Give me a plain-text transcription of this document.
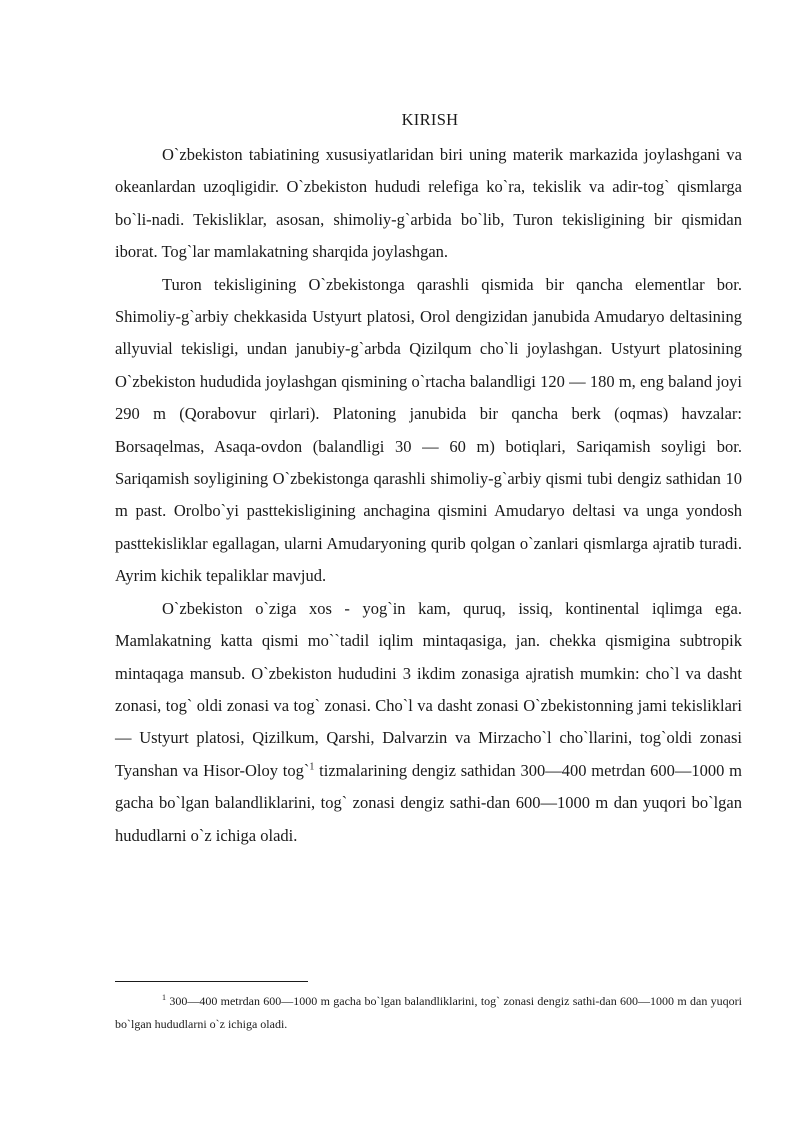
KIRISH

O`zbekiston tabiatining xususiyatlaridan biri uning materik markazida joylashgani va okeanlardan uzoqligidir. O`zbekiston hududi relefiga ko`ra, tekislik va adir-tog` qismlarga bo`li-nadi. Tekisliklar, asosan, shimoliy-g`arbida bo`lib, Turon tekisligining bir qismidan iborat. Tog`lar mamlakatning sharqida joylashgan.

Turon tekisligining O`zbekistonga qarashli qismida bir qancha elementlar bor. Shimoliy-g`arbiy chekkasida Ustyurt platosi, Orol dengizidan janubida Amudaryo deltasining allyuvial tekisligi, undan janubiy-g`arbda Qizilqum cho`li joylashgan. Ustyurt platosining O`zbekiston hududida joylashgan qismining o`rtacha balandligi 120 — 180 m, eng baland joyi 290 m (Qorabovur qirlari). Platoning janubida bir qancha berk (oqmas) havzalar: Borsaqelmas, Asaqa-ovdon (balandligi 30 — 60 m) botiqlari, Sariqamish soyligi bor. Sariqamish soyligining O`zbekistonga qarashli shimoliy-g`arbiy qismi tubi dengiz sathidan 10 m past. Orolbo`yi pasttekisligining anchagina qismini Amudaryo deltasi va unga yondosh pasttekisliklar egallagan, ularni Amudaryoning qurib qolgan o`zanlari qismlarga ajratib turadi. Ayrim kichik tepaliklar mavjud.

O`zbekiston o`ziga xos - yog`in kam, quruq, issiq, kontinental iqlimga ega. Mamlakatning katta qismi mo``tadil iqlim mintaqasiga, jan. chekka qismigina subtropik mintaqaga mansub. O`zbekiston hududini 3 ikdim zonasiga ajratish mumkin: cho`l va dasht zonasi, tog` oldi zonasi va tog` zonasi. Cho`l va dasht zonasi O`zbekistonning jami tekisliklari — Ustyurt platosi, Qizilkum, Qarshi, Dalvarzin va Mirzacho`l cho`llarini, tog`oldi zonasi Tyanshan va Hisor-Oloy tog`$^1$ tizmalarining dengiz sathidan 300—400 metrdan 600—1000 m gacha bo`lgan balandliklarini, tog` zonasi dengiz sathi-dan 600—1000 m dan yuqori bo`lgan hududlarni o`z ichiga oladi.

$^1$ 300—400 metrdan 600—1000 m gacha bo`lgan balandliklarini, tog` zonasi dengiz sathi-dan 600—1000 m dan yuqori bo`lgan hududlarni o`z ichiga oladi.
